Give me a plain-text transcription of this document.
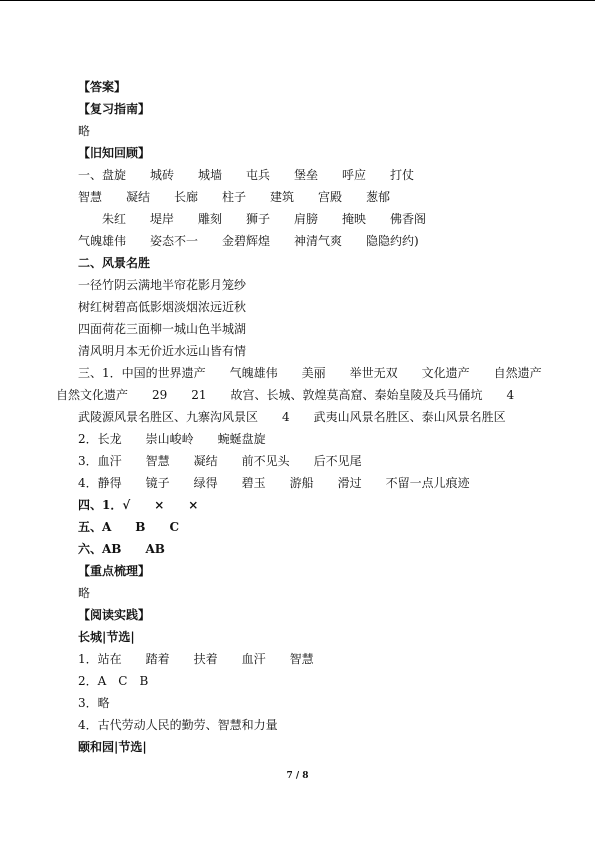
【答案】
【复习指南】
略
【旧知回顾】
一、盘旋　　城砖　　城墙　　屯兵　　堡垒　　呼应　　打仗
智慧　　凝结　　长廊　　柱子　　建筑　　宫殿　　葱郁
　　朱红　　堤岸　　雕刻　　狮子　　肩膀　　掩映　　佛香阁
气魄雄伟　　姿态不一　　金碧辉煌　　神清气爽　　隐隐约约)
二、风景名胜
一径竹阴云满地半帘花影月笼纱
树红树碧高低影烟淡烟浓远近秋
四面荷花三面柳一城山色半城湖
清风明月本无价近水远山皆有情
三、1．中国的世界遗产　　气魄雄伟　　美丽　　举世无双　　文化遗产　　自然遗产
自然文化遗产　　29　　21　　故宫、长城、敦煌莫高窟、秦始皇陵及兵马俑坑　　4
武陵源风景名胜区、九寨沟风景区　　4　　武夷山风景名胜区、泰山风景名胜区
2．长龙　　崇山峻岭　　蜿蜒盘旋
3．血汗　　智慧　　凝结　　前不见头　　后不见尾
4．静得　　镜子　　绿得　　碧玉　　游船　　滑过　　不留一点儿痕迹
四、1．√　　×　　×
五、A　　B　　C
六、AB　　AB
【重点梳理】
略
【阅读实践】
长城|节选|
1．站在　　踏着　　扶着　　血汗　　智慧
2．A　C　B
3．略
4．古代劳动人民的勤劳、智慧和力量
颐和园|节选|
7 / 8
